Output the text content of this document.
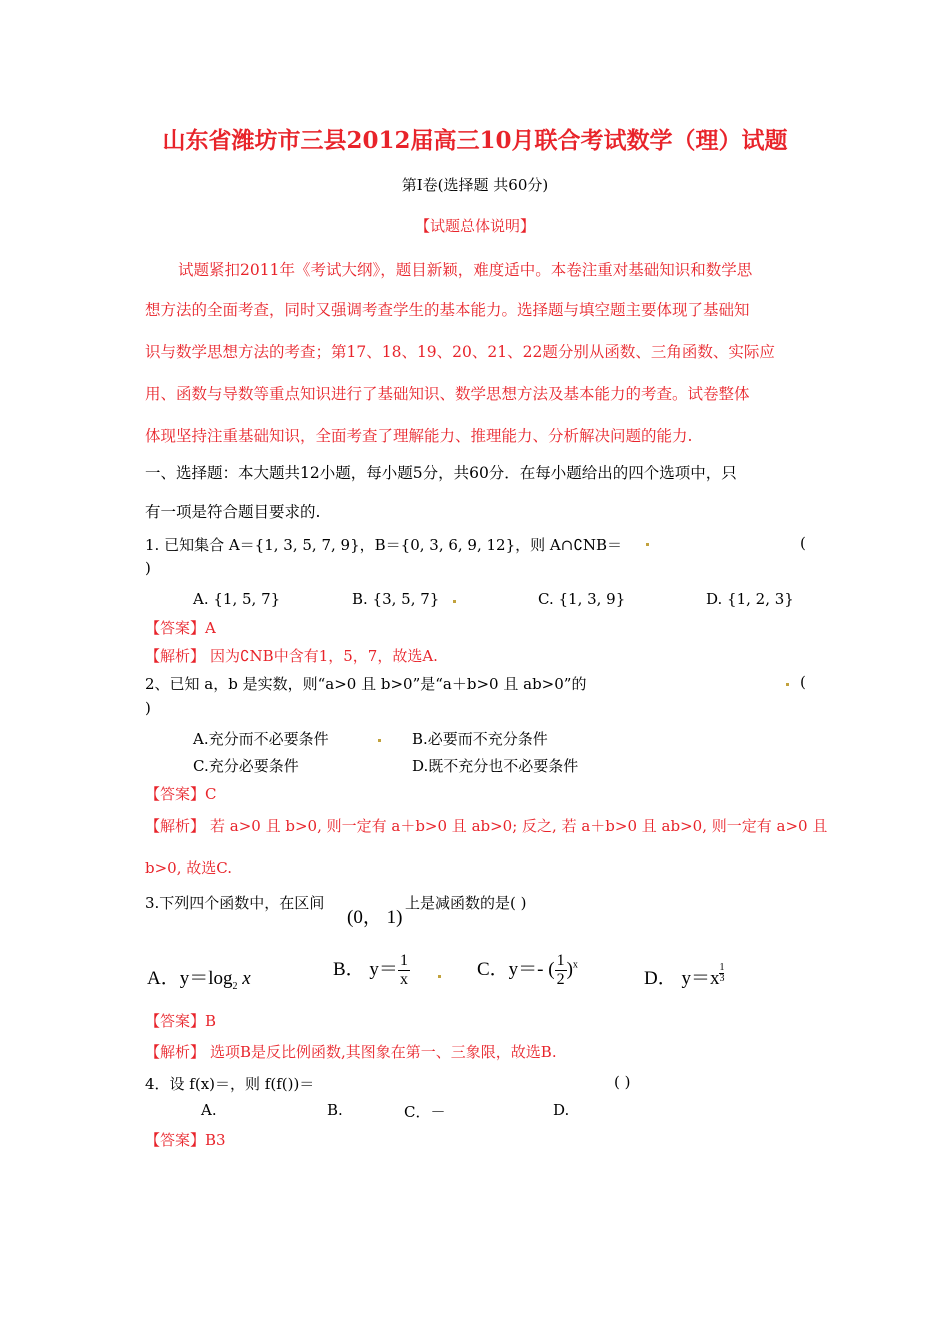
山东省潍坊市三县2012届高三10月联合考试数学（理）试题
第Ⅰ卷(选择题 共60分)
【试题总体说明】
试题紧扣2011年《考试大纲》，题目新颖，难度适中。本卷注重对基础知识和数学思
想方法的全面考查，同时又强调考查学生的基本能力。选择题与填空题主要体现了基础知
识与数学思想方法的考查；第17、18、19、20、21、22题分别从函数、三角函数、实际应
用、函数与导数等重点知识进行了基础知识、数学思想方法及基本能力的考查。试卷整体
体现坚持注重基础知识，全面考查了理解能力、推理能力、分析解决问题的能力.
一、选择题：本大题共12小题，每小题5分，共60分．在每小题给出的四个选项中，只
有一项是符合题目要求的.
1. 已知集合 A＝{1, 3, 5, 7, 9}，B＝{0, 3, 6, 9, 12}，则 A∩∁NB＝	(
)
A. {1, 5, 7}	B. {3, 5, 7}	C. {1, 3, 9}	D. {1, 2, 3}
【答案】A
【解析】 因为∁NB中含有1，5，7，故选A.
2、已知 a，b 是实数，则“a>0 且 b>0”是“a＋b>0 且 ab>0”的	(
)
A.充分而不必要条件	B.必要而不充分条件
C.充分必要条件	D.既不充分也不必要条件
【答案】C
【解析】 若 a>0 且 b>0, 则一定有 a＋b>0 且 ab>0; 反之, 若 a＋b>0 且 ab>0, 则一定有 a>0 且
b>0, 故选C.
3.下列四个函数中，在区间
(0， 1)
上是减函数的是( )
A．$y=\log_2$ x	B． $y= \frac{1}{x}$	C．y＝- ( $\frac{1}{2} )^x$
D． y＝x $^{\frac{1}{3}}$
【答案】B
【解析】 选项B是反比例函数,其图象在第一、三象限，故选B.
4．设 f(x)＝，则 f(f())＝	( )
A.	B.	C．－	D.
【答案】B3
